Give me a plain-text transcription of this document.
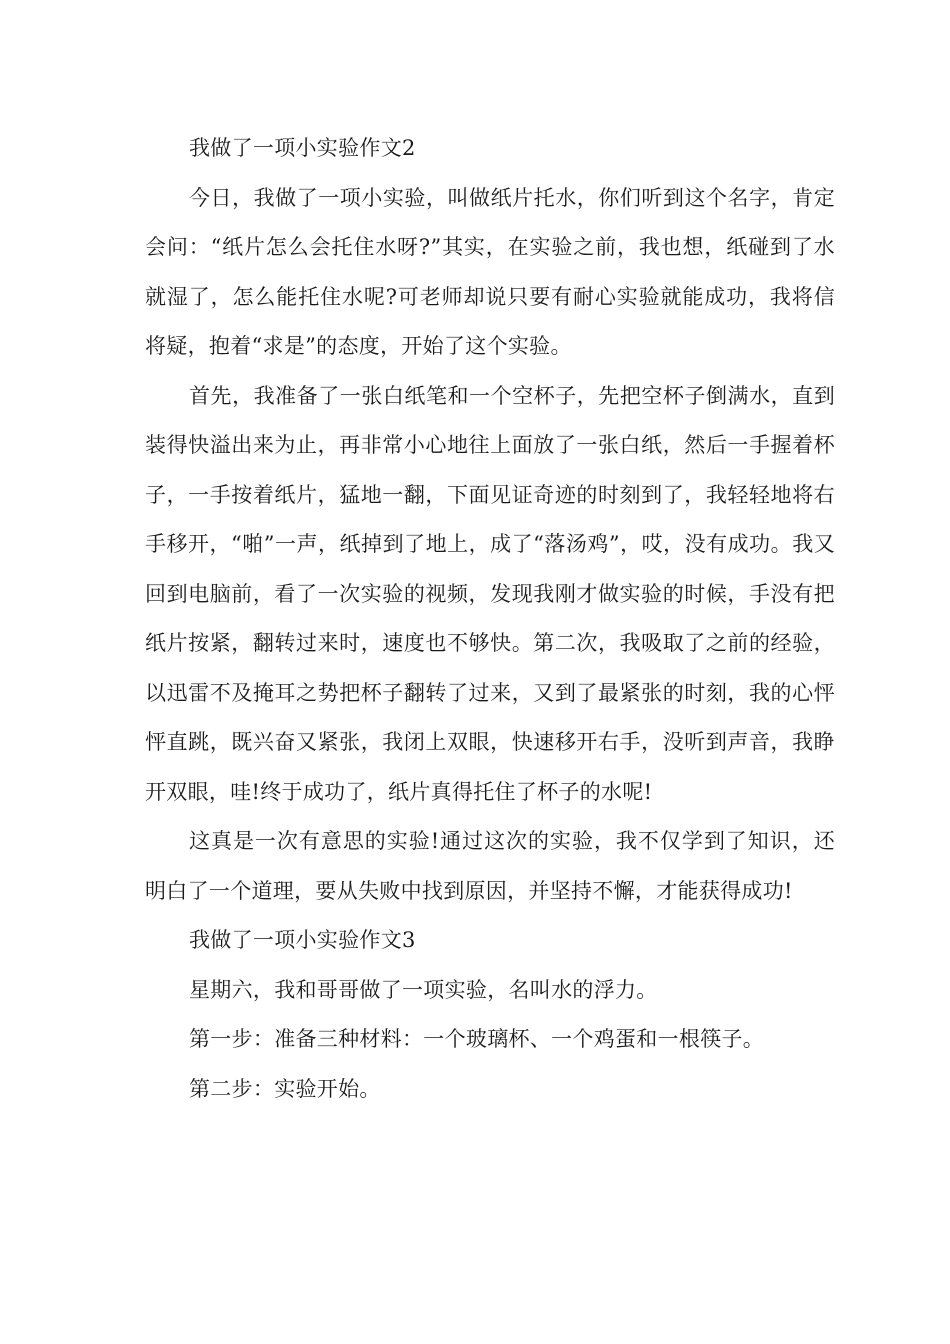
我做了一项小实验作文2

今日，我做了一项小实验，叫做纸片托水，你们听到这个名字，肯定会问：“纸片怎么会托住水呀?”其实，在实验之前，我也想，纸碰到了水就湿了，怎么能托住水呢?可老师却说只要有耐心实验就能成功，我将信将疑，抱着“求是”的态度，开始了这个实验。

首先，我准备了一张白纸笔和一个空杯子，先把空杯子倒满水，直到装得快溢出来为止，再非常小心地往上面放了一张白纸，然后一手握着杯子，一手按着纸片，猛地一翻，下面见证奇迹的时刻到了，我轻轻地将右手移开，“啪”一声，纸掉到了地上，成了“落汤鸡”，哎，没有成功。我又回到电脑前，看了一次实验的视频，发现我刚才做实验的时候，手没有把纸片按紧，翻转过来时，速度也不够快。第二次，我吸取了之前的经验，以迅雷不及掩耳之势把杯子翻转了过来，又到了最紧张的时刻，我的心怦怦直跳，既兴奋又紧张，我闭上双眼，快速移开右手，没听到声音，我睁开双眼，哇!终于成功了，纸片真得托住了杯子的水呢!

这真是一次有意思的实验!通过这次的实验，我不仅学到了知识，还明白了一个道理，要从失败中找到原因，并坚持不懈，才能获得成功!

我做了一项小实验作文3

星期六，我和哥哥做了一项实验，名叫水的浮力。

第一步：准备三种材料：一个玻璃杯、一个鸡蛋和一根筷子。

第二步：实验开始。
